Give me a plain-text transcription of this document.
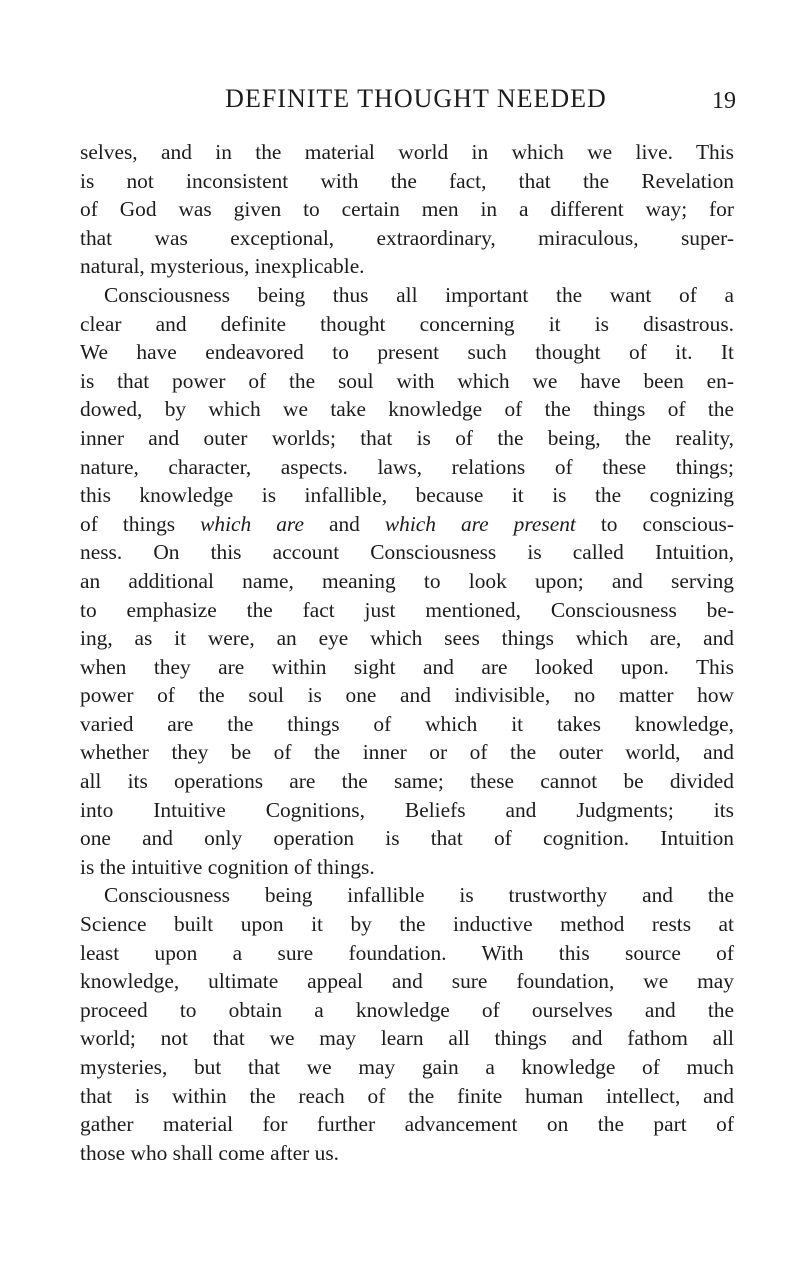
DEFINITE THOUGHT NEEDED	19
selves, and in the material world in which we live. This
is not inconsistent with the fact, that the Revelation
of God was given to certain men in a different way; for
that was exceptional, extraordinary, miraculous, super-
natural, mysterious, inexplicable.
Consciousness being thus all important the want of a
clear and definite thought concerning it is disastrous.
We have endeavored to present such thought of it. It
is that power of the soul with which we have been en-
dowed, by which we take knowledge of the things of the
inner and outer worlds; that is of the being, the reality,
nature, character, aspects. laws, relations of these things;
this knowledge is infallible, because it is the cognizing
of things which are and which are present to conscious-
ness. On this account Consciousness is called Intuition,
an additional name, meaning to look upon; and serving
to emphasize the fact just mentioned, Consciousness be-
ing, as it were, an eye which sees things which are, and
when they are within sight and are looked upon. This
power of the soul is one and indivisible, no matter how
varied are the things of which it takes knowledge,
whether they be of the inner or of the outer world, and
all its operations are the same; these cannot be divided
into Intuitive Cognitions, Beliefs and Judgments; its
one and only operation is that of cognition. Intuition
is the intuitive cognition of things.
Consciousness being infallible is trustworthy and the
Science built upon it by the inductive method rests at
least upon a sure foundation. With this source of
knowledge, ultimate appeal and sure foundation, we may
proceed to obtain a knowledge of ourselves and the
world; not that we may learn all things and fathom all
mysteries, but that we may gain a knowledge of much
that is within the reach of the finite human intellect, and
gather material for further advancement on the part of
those who shall come after us.
